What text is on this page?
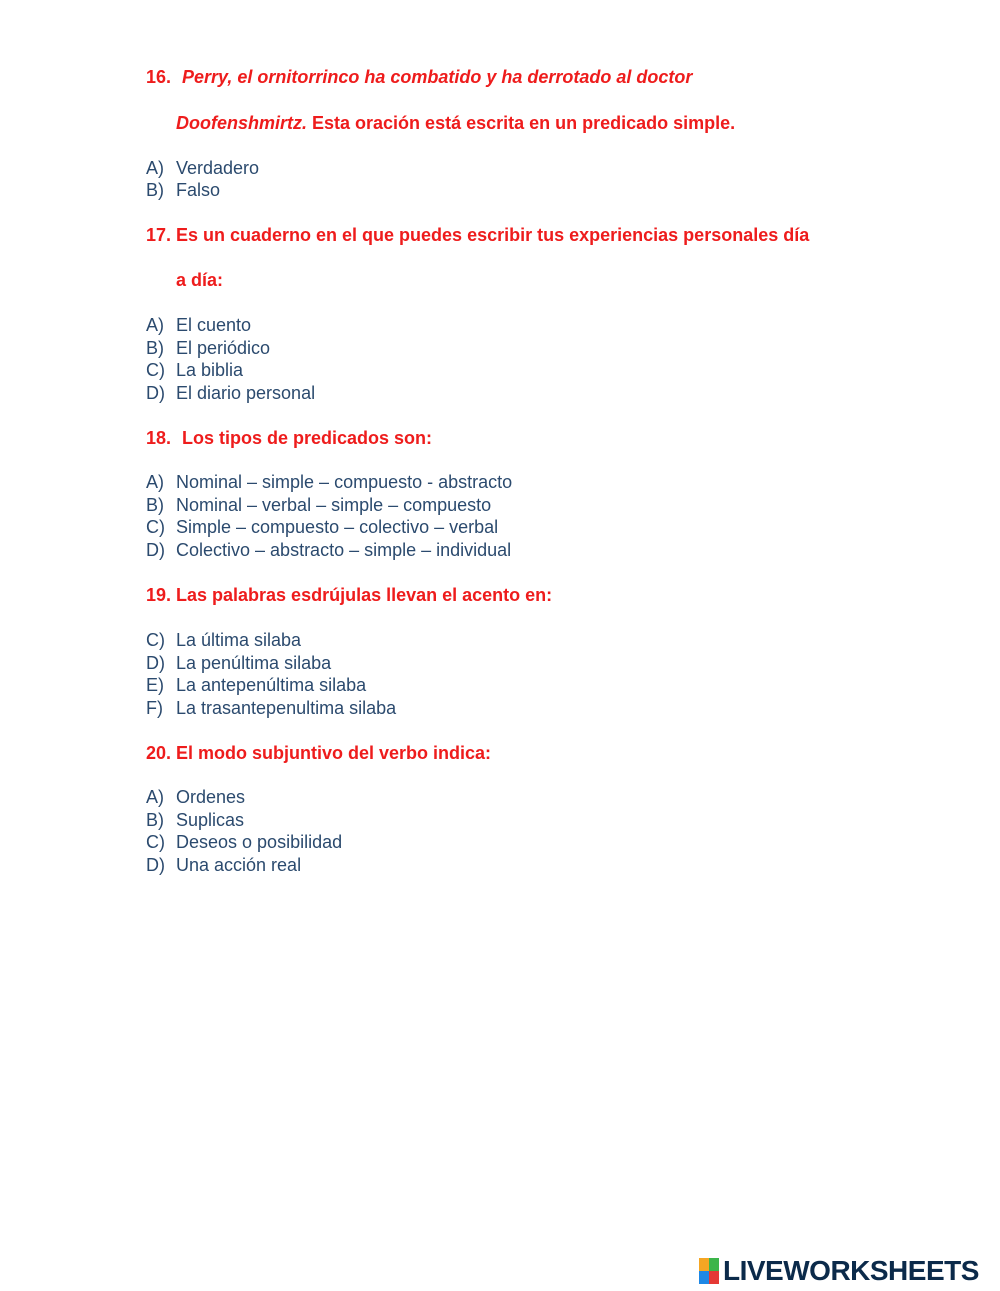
16. Perry, el ornitorrinco ha combatido y ha derrotado al doctor
Doofenshmirtz. Esta oración está escrita en un predicado simple.
A) Verdadero
B) Falso
17. Es un cuaderno en el que puedes escribir tus experiencias personales día
a día:
A) El cuento
B) El periódico
C) La biblia
D) El diario personal
18. Los tipos de predicados son:
A) Nominal – simple – compuesto - abstracto
B) Nominal – verbal – simple – compuesto
C) Simple – compuesto – colectivo – verbal
D) Colectivo – abstracto – simple – individual
19. Las palabras esdrújulas llevan el acento en:
C) La última silaba
D) La penúltima silaba
E) La antepenúltima silaba
F) La trasantepenultima silaba
20. El modo subjuntivo del verbo indica:
A) Ordenes
B) Suplicas
C) Deseos o posibilidad
D) Una acción real
LIVEWORKSHEETS
